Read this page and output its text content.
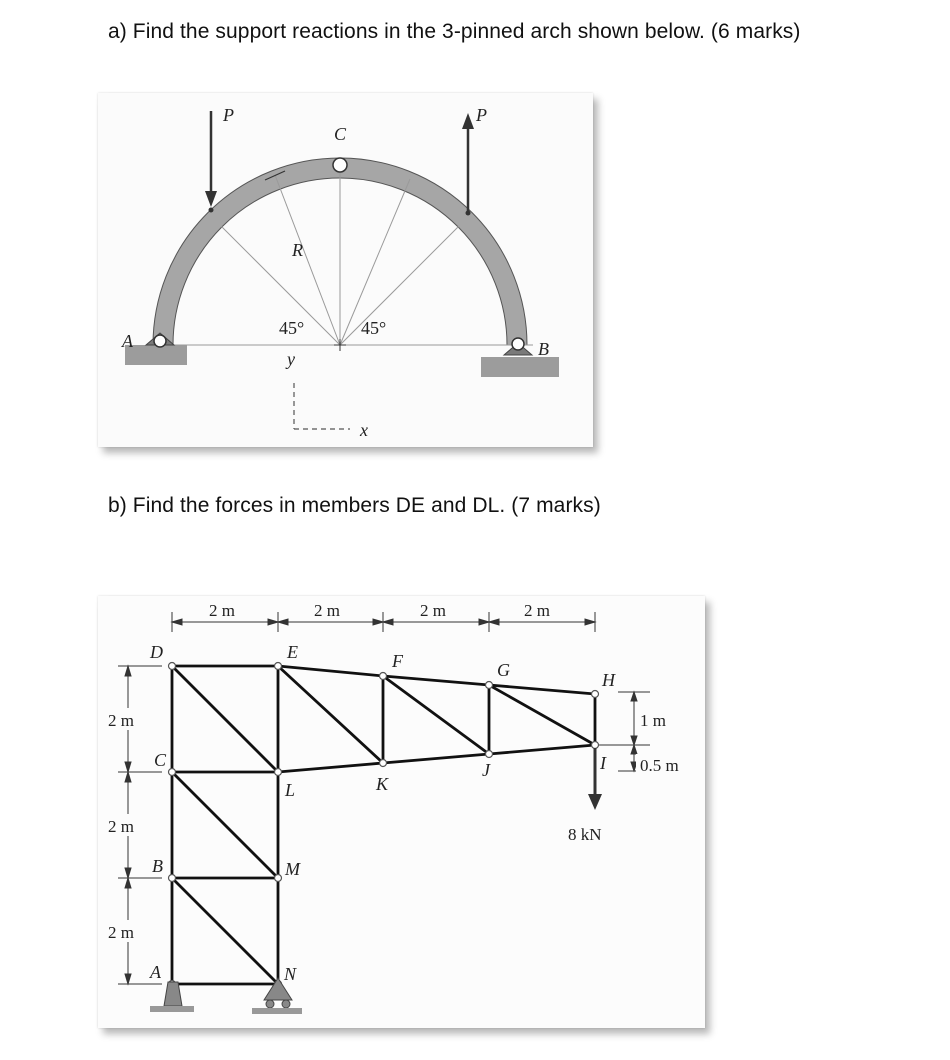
a) Find the support reactions in the 3-pinned arch shown below. (6 marks)
P	P
C
R
45°	45°
A	B
y
x
b) Find the forces in members DE and DL. (7 marks)
2 m	2 m	2 m	2 m
2 m
2 m
2 m
1 m
0.5 m
8 kN
D	E	F	G	H
I
J
K
L
M
N
C
B
A
